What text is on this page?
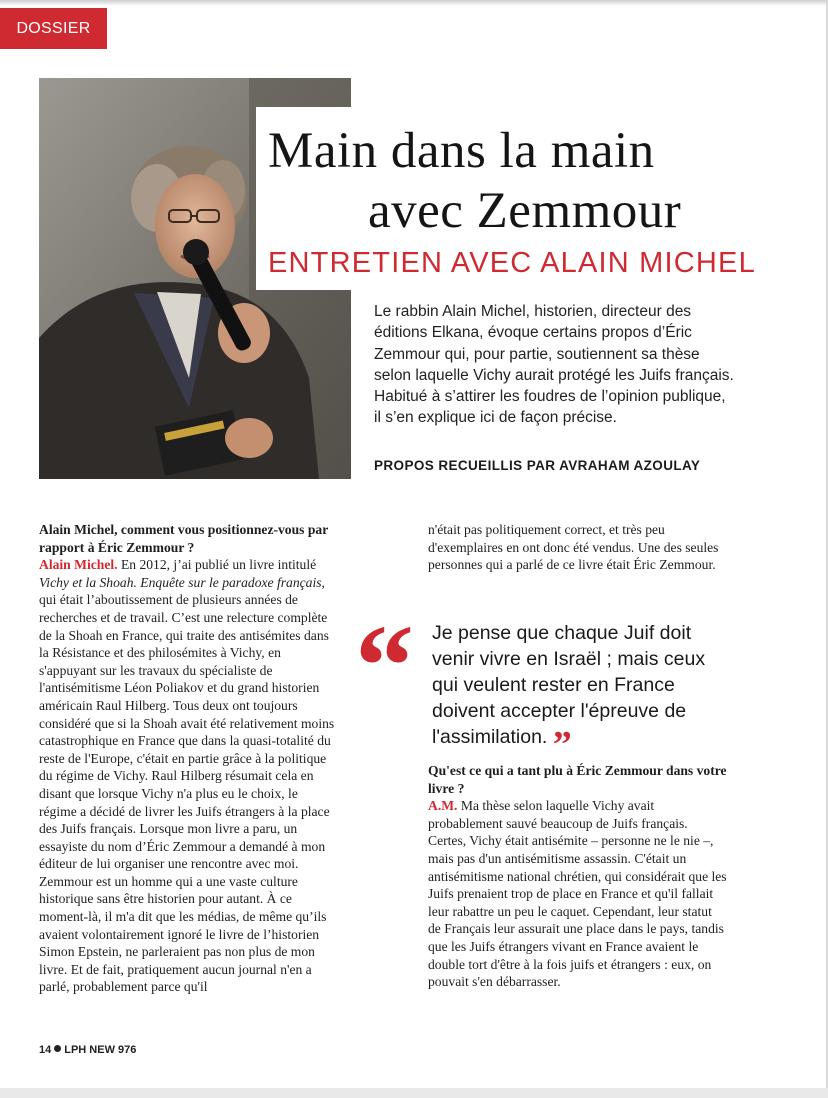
DOSSIER
Main dans la main
avec Zemmour
ENTRETIEN AVEC ALAIN MICHEL
Le rabbin Alain Michel, historien, directeur des éditions Elkana, évoque certains propos d’Éric Zemmour qui, pour partie, soutiennent sa thèse selon laquelle Vichy aurait protégé les Juifs français. Habitué à s’attirer les foudres de l’opinion publique, il s’en explique ici de façon précise.
PROPOS RECUEILLIS PAR AVRAHAM AZOULAY

Alain Michel, comment vous positionnez-vous par rapport à Éric Zemmour ?

Alain Michel. En 2012, j’ai publié un livre intitulé Vichy et la Shoah. Enquête sur le paradoxe français, qui était l’aboutissement de plusieurs années de recherches et de travail. C’est une relecture complète de la Shoah en France, qui traite des antisémites dans la Résistance et des philosémites à Vichy, en s'appuyant sur les travaux du spécialiste de l'antisémitisme Léon Poliakov et du grand historien américain Raul Hilberg. Tous deux ont toujours considéré que si la Shoah avait été relativement moins catastrophique en France que dans la quasi-totalité du reste de l'Europe, c'était en partie grâce à la politique du régime de Vichy. Raul Hilberg résumait cela en disant que lorsque Vichy n'a plus eu le choix, le régime a décidé de livrer les Juifs étrangers à la place des Juifs français. Lorsque mon livre a paru, un essayiste du nom d’Éric Zemmour a demandé à mon éditeur de lui organiser une rencontre avec moi. Zemmour est un homme qui a une vaste culture historique sans être historien pour autant. À ce moment-là, il m'a dit que les médias, de même qu’ils avaient volontairement ignoré le livre de l’historien Simon Epstein, ne parleraient pas non plus de mon livre. Et de fait, pratiquement aucun journal n'en a parlé, probablement parce qu'il

n'était pas politiquement correct, et très peu d'exemplaires en ont donc été vendus. Une des seules personnes qui a parlé de ce livre était Éric Zemmour.

“ Je pense que chaque Juif doit venir vivre en Israël ; mais ceux qui veulent rester en France doivent accepter l'épreuve de l'assimilation. ”

Qu'est ce qui a tant plu à Éric Zemmour dans votre livre ?

A.M. Ma thèse selon laquelle Vichy avait probablement sauvé beaucoup de Juifs français. Certes, Vichy était antisémite – personne ne le nie –, mais pas d'un antisémitisme assassin. C'était un antisémitisme national chrétien, qui considérait que les Juifs prenaient trop de place en France et qu'il fallait leur rabattre un peu le caquet. Cependant, leur statut de Français leur assurait une place dans le pays, tandis que les Juifs étrangers vivant en France avaient le double tort d'être à la fois juifs et étrangers : eux, on pouvait s'en débarrasser.

14 LPH NEW 976
